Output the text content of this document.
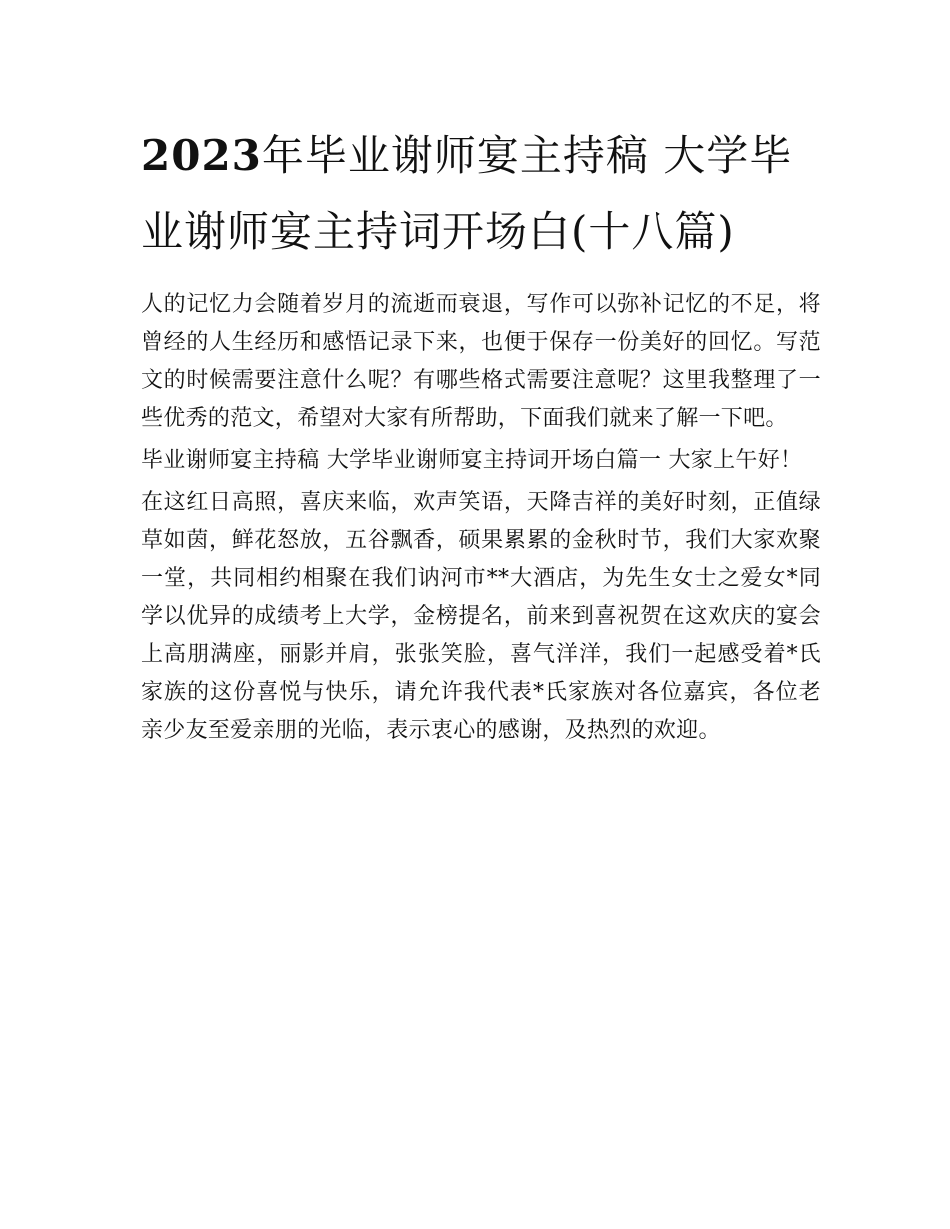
2023年毕业谢师宴主持稿 大学毕业谢师宴主持词开场白(十八篇)

人的记忆力会随着岁月的流逝而衰退，写作可以弥补记忆的不足，将曾经的人生经历和感悟记录下来，也便于保存一份美好的回忆。写范文的时候需要注意什么呢？有哪些格式需要注意呢？这里我整理了一些优秀的范文，希望对大家有所帮助，下面我们就来了解一下吧。

毕业谢师宴主持稿 大学毕业谢师宴主持词开场白篇一 大家上午好！

在这红日高照，喜庆来临，欢声笑语，天降吉祥的美好时刻，正值绿草如茵，鲜花怒放，五谷飘香，硕果累累的金秋时节，我们大家欢聚一堂，共同相约相聚在我们讷河市**大酒店，为先生女士之爱女*同学以优异的成绩考上大学，金榜提名，前来到喜祝贺在这欢庆的宴会上高朋满座，丽影并肩，张张笑脸，喜气洋洋，我们一起感受着*氏家族的这份喜悦与快乐，请允许我代表*氏家族对各位嘉宾，各位老亲少友至爱亲朋的光临，表示衷心的感谢，及热烈的欢迎。
